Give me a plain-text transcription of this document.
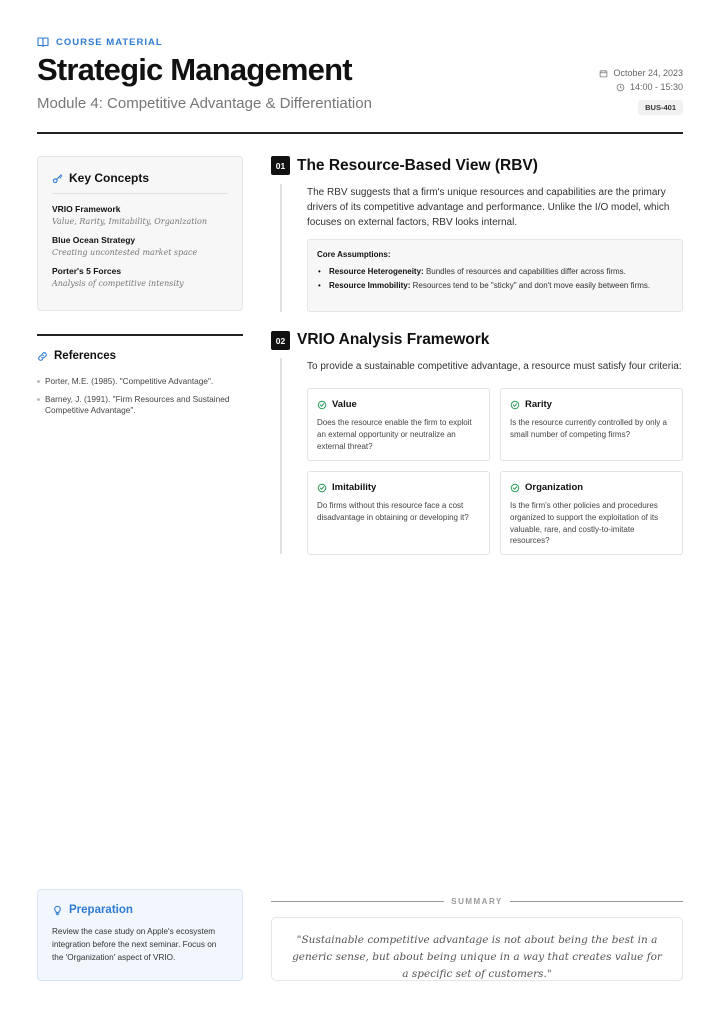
COURSE MATERIAL
Strategic Management
Module 4: Competitive Advantage & Differentiation
October 24, 2023
14:00 - 15:30
BUS-401
Key Concepts
VRIO Framework
Value, Rarity, Imitability, Organization
Blue Ocean Strategy
Creating uncontested market space
Porter's 5 Forces
Analysis of competitive intensity
References
Porter, M.E. (1985). "Competitive Advantage".
Barney, J. (1991). "Firm Resources and Sustained Competitive Advantage".
Preparation
Review the case study on Apple's ecosystem integration before the next seminar. Focus on the 'Organization' aspect of VRIO.
01 The Resource-Based View (RBV)
The RBV suggests that a firm's unique resources and capabilities are the primary drivers of its competitive advantage and performance. Unlike the I/O model, which focuses on external factors, RBV looks internal.
Core Assumptions:
• Resource Heterogeneity: Bundles of resources and capabilities differ across firms.
• Resource Immobility: Resources tend to be "sticky" and don't move easily between firms.
02 VRIO Analysis Framework
To provide a sustainable competitive advantage, a resource must satisfy four criteria:
Value
Does the resource enable the firm to exploit an external opportunity or neutralize an external threat?
Rarity
Is the resource currently controlled by only a small number of competing firms?
Imitability
Do firms without this resource face a cost disadvantage in obtaining or developing it?
Organization
Is the firm's other policies and procedures organized to support the exploitation of its valuable, rare, and costly-to-imitate resources?
SUMMARY
"Sustainable competitive advantage is not about being the best in a generic sense, but about being unique in a way that creates value for a specific set of customers."
